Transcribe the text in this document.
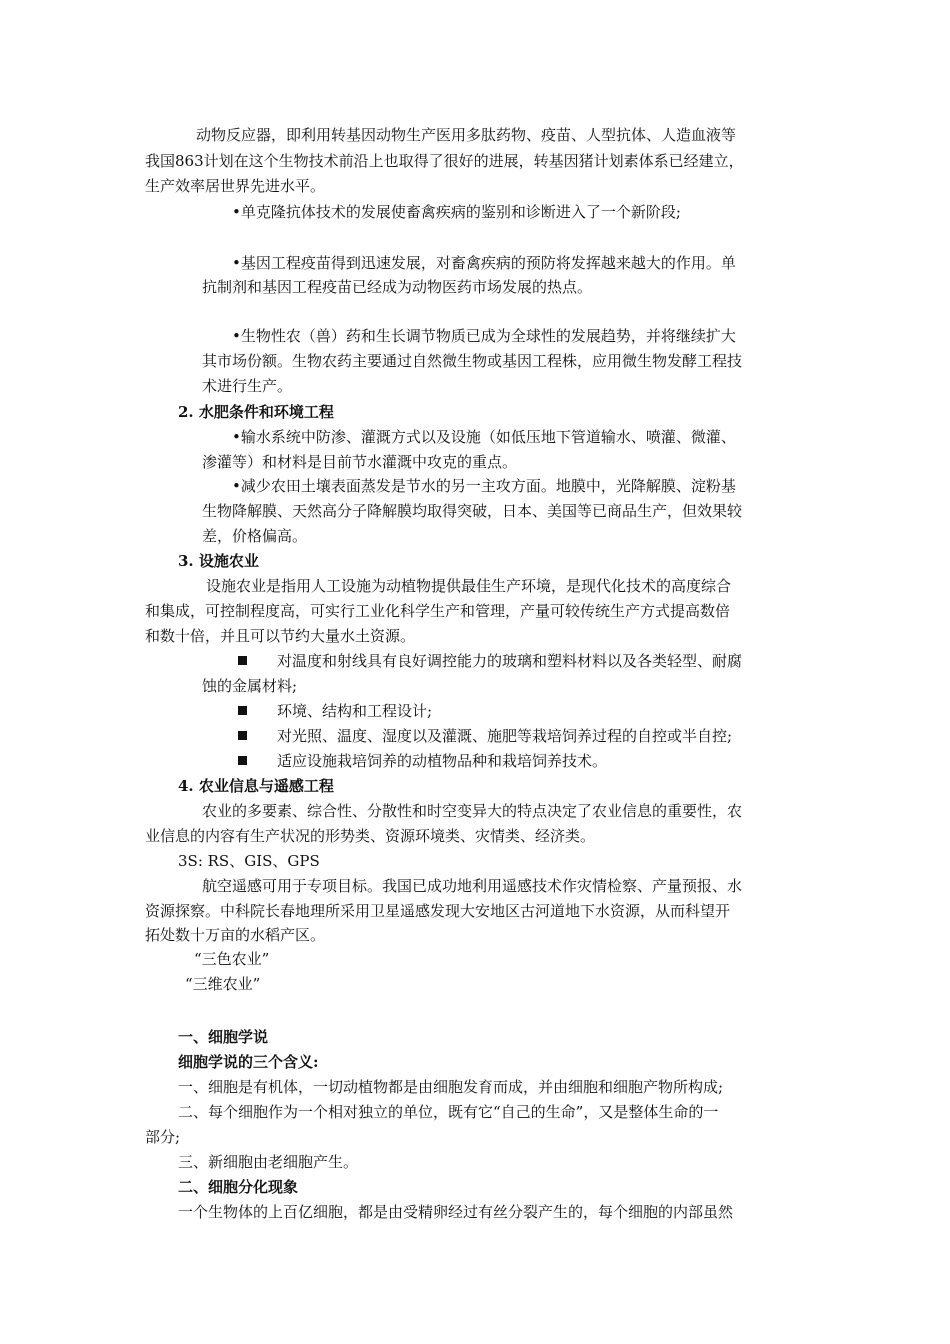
动物反应器，即利用转基因动物生产医用多肽药物、疫苗、人型抗体、人造血液等
我国863计划在这个生物技术前沿上也取得了很好的进展，转基因猪计划素体系已经建立，
生产效率居世界先进水平。
•单克隆抗体技术的发展使畜禽疾病的鉴别和诊断进入了一个新阶段;
•基因工程疫苗得到迅速发展，对畜禽疾病的预防将发挥越来越大的作用。单
抗制剂和基因工程疫苗已经成为动物医药市场发展的热点。
•生物性农（兽）药和生长调节物质已成为全球性的发展趋势，并将继续扩大
其市场份额。生物农药主要通过自然微生物或基因工程株，应用微生物发酵工程技
术进行生产。
2. 水肥条件和环境工程
•输水系统中防渗、灌溉方式以及设施（如低压地下管道输水、喷灌、微灌、
渗灌等）和材料是目前节水灌溉中攻克的重点。
•减少农田土壤表面蒸发是节水的另一主攻方面。地膜中，光降解膜、淀粉基
生物降解膜、天然高分子降解膜均取得突破，日本、美国等已商品生产，但效果较
差，价格偏高。
3. 设施农业
设施农业是指用人工设施为动植物提供最佳生产环境，是现代化技术的高度综合
和集成，可控制程度高，可实行工业化科学生产和管理，产量可较传统生产方式提高数倍
和数十倍，并且可以节约大量水土资源。
对温度和射线具有良好调控能力的玻璃和塑料材料以及各类轻型、耐腐
蚀的金属材料;
环境、结构和工程设计;
对光照、温度、湿度以及灌溉、施肥等栽培饲养过程的自控或半自控;
适应设施栽培饲养的动植物品种和栽培饲养技术。
4. 农业信息与遥感工程
农业的多要素、综合性、分散性和时空变异大的特点决定了农业信息的重要性，农
业信息的内容有生产状况的形势类、资源环境类、灾情类、经济类。
3S: RS、GIS、GPS
航空遥感可用于专项目标。我国已成功地利用遥感技术作灾情检察、产量预报、水
资源探察。中科院长春地理所采用卫星遥感发现大安地区古河道地下水资源，从而科望开
拓处数十万亩的水稻产区。
“三色农业”
“三维农业”
一、细胞学说
细胞学说的三个含义:
一、细胞是有机体，一切动植物都是由细胞发育而成，并由细胞和细胞产物所构成;
二、每个细胞作为一个相对独立的单位，既有它“自己的生命”，又是整体生命的一
部分;
三、新细胞由老细胞产生。
二、细胞分化现象
一个生物体的上百亿细胞，都是由受精卵经过有丝分裂产生的，每个细胞的内部虽然
